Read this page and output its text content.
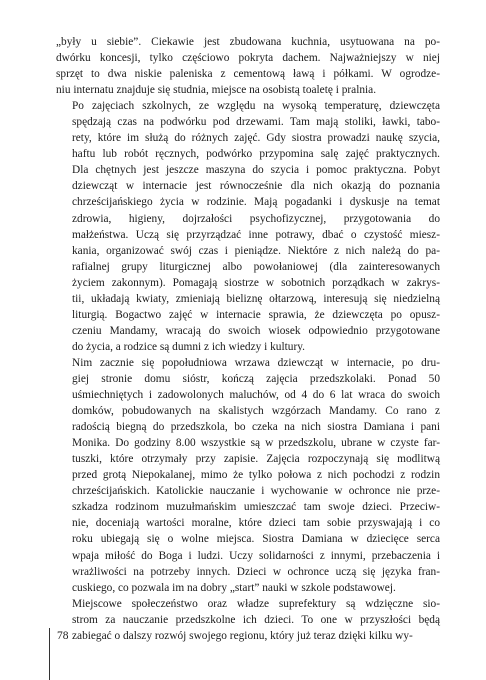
„były u siebie”. Ciekawie jest zbudowana kuchnia, usytuowana na po-
dwórku koncesji, tylko częściowo pokryta dachem. Najważniejszy w niej
sprzęt to dwa niskie paleniska z cementową ławą i półkami. W ogrodze-
niu internatu znajduje się studnia, miejsce na osobistą toaletę i pralnia.

Po zajęciach szkolnych, ze względu na wysoką temperaturę, dziewczęta
spędzają czas na podwórku pod drzewami. Tam mają stoliki, ławki, tabo-
rety, które im służą do różnych zajęć. Gdy siostra prowadzi naukę szycia,
haftu lub robót ręcznych, podwórko przypomina salę zajęć praktycznych.
Dla chętnych jest jeszcze maszyna do szycia i pomoc praktyczna. Pobyt
dziewcząt w internacie jest równocześnie dla nich okazją do poznania
chrześcijańskiego życia w rodzinie. Mają pogadanki i dyskusje na temat
zdrowia, higieny, dojrzałości psychofizycznej, przygotowania do
małżeństwa. Uczą się przyrządzać inne potrawy, dbać o czystość miesz-
kania, organizować swój czas i pieniądze. Niektóre z nich należą do pa-
rafialnej grupy liturgicznej albo powołaniowej (dla zainteresowanych
życiem zakonnym). Pomagają siostrze w sobotnich porządkach w zakrys-
tii, układają kwiaty, zmieniają bieliznę ołtarzową, interesują się niedzielną
liturgią. Bogactwo zajęć w internacie sprawia, że dziewczęta po opusz-
czeniu Mandamy, wracają do swoich wiosek odpowiednio przygotowane
do życia, a rodzice są dumni z ich wiedzy i kultury.

Nim zacznie się popołudniowa wrzawa dziewcząt w internacie, po dru-
giej stronie domu sióstr, kończą zajęcia przedszkolaki. Ponad 50
uśmiechniętych i zadowolonych maluchów, od 4 do 6 lat wraca do swoich
domków, pobudowanych na skalistych wzgórzach Mandamy. Co rano z
radością biegną do przedszkola, bo czeka na nich siostra Damiana i pani
Monika. Do godziny 8.00 wszystkie są w przedszkolu, ubrane w czyste far-
tuszki, które otrzymały przy zapisie. Zajęcia rozpoczynają się modlitwą
przed grotą Niepokalanej, mimo że tylko połowa z nich pochodzi z rodzin
chrześcijańskich. Katolickie nauczanie i wychowanie w ochronce nie prze-
szkadza rodzinom muzułmańskim umieszczać tam swoje dzieci. Przeciw-
nie, doceniają wartości moralne, które dzieci tam sobie przyswajają i co
roku ubiegają się o wolne miejsca. Siostra Damiana w dziecięce serca
wpaja miłość do Boga i ludzi. Uczy solidarności z innymi, przebaczenia i
wrażliwości na potrzeby innych. Dzieci w ochronce uczą się języka fran-
cuskiego, co pozwala im na dobry „start” nauki w szkole podstawowej.

Miejscowe społeczeństwo oraz władze suprefektury są wdzięczne sio-
strom za nauczanie przedszkolne ich dzieci. To one w przyszłości będą
zabiegać o dalszy rozwój swojego regionu, który już teraz dzięki kilku wy-

78
